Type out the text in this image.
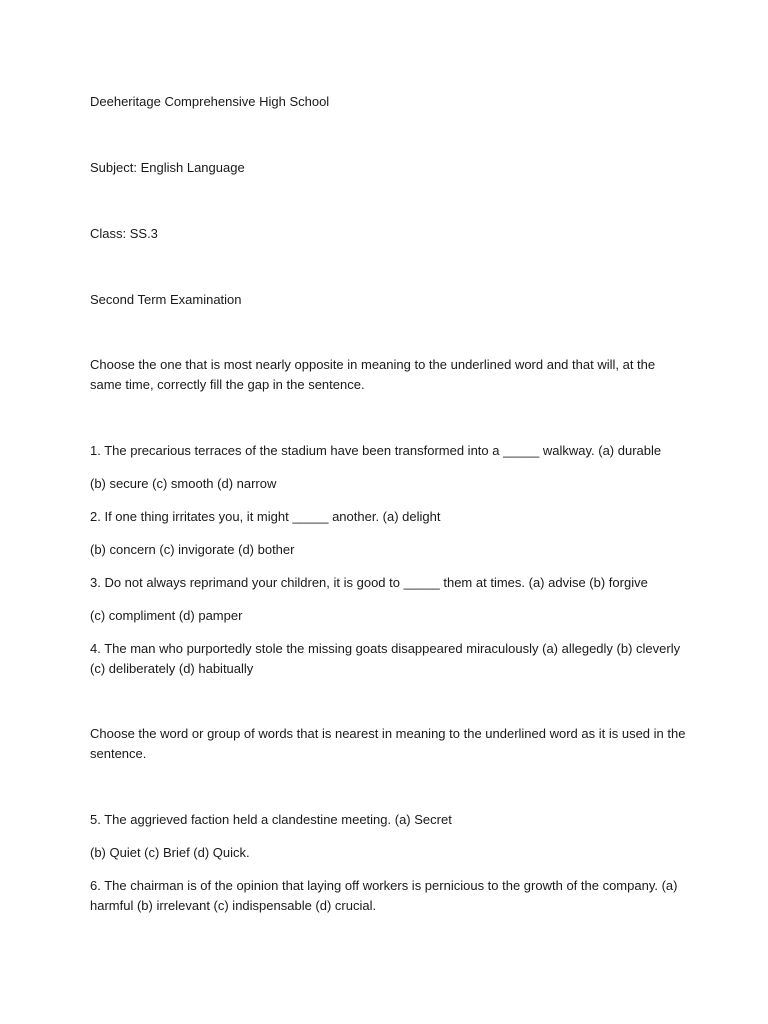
Deeheritage Comprehensive High School

Subject: English Language

Class: SS.3

Second Term Examination

Choose the one that is most nearly opposite in meaning to the underlined word and that will, at the same time, correctly fill the gap in the sentence.

1. The precarious terraces of the stadium have been transformed into a _____ walkway. (a) durable

(b) secure (c) smooth (d) narrow

2. If one thing irritates you, it might _____ another. (a) delight

(b) concern (c) invigorate (d) bother

3. Do not always reprimand your children, it is good to _____ them at times. (a) advise (b) forgive

(c) compliment (d) pamper

4. The man who purportedly stole the missing goats disappeared miraculously (a) allegedly (b) cleverly (c) deliberately (d) habitually

Choose the word or group of words that is nearest in meaning to the underlined word as it is used in the sentence.

5. The aggrieved faction held a clandestine meeting. (a) Secret

(b) Quiet (c) Brief (d) Quick.

6. The chairman is of the opinion that laying off workers is pernicious to the growth of the company. (a) harmful (b) irrelevant (c) indispensable (d) crucial.
